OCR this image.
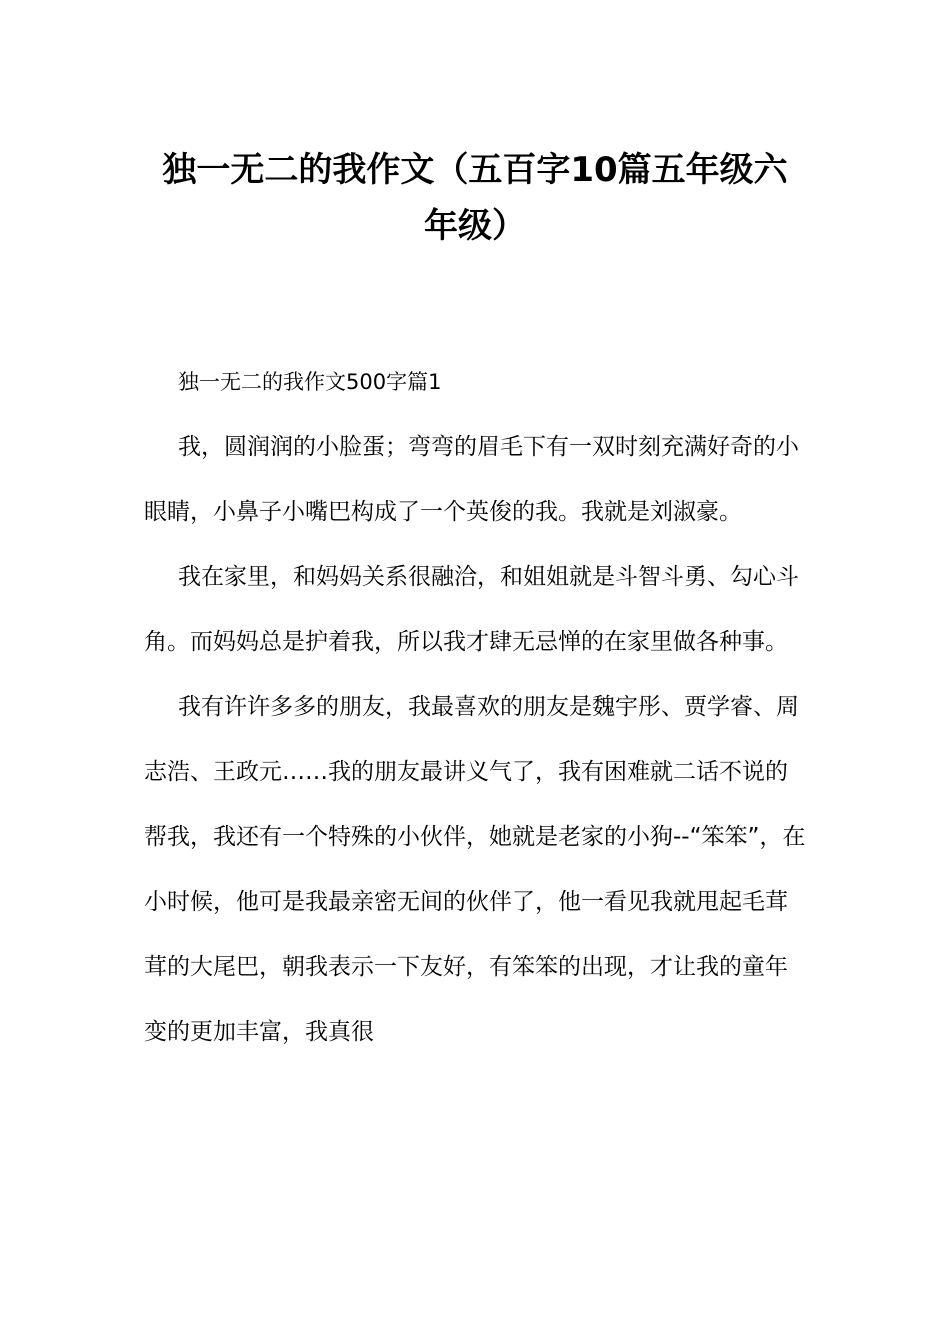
独一无二的我作文（五百字10篇五年级六
年级）

独一无二的我作文500字篇1

我，圆润润的小脸蛋；弯弯的眉毛下有一双时刻充满好奇的小眼睛，小鼻子小嘴巴构成了一个英俊的我。我就是刘淑豪。

我在家里，和妈妈关系很融洽，和姐姐就是斗智斗勇、勾心斗角。而妈妈总是护着我，所以我才肆无忌惮的在家里做各种事。

我有许许多多的朋友，我最喜欢的朋友是魏宇彤、贾学睿、周志浩、王政元……我的朋友最讲义气了，我有困难就二话不说的帮我，我还有一个特殊的小伙伴，她就是老家的小狗--“笨笨”，在小时候，他可是我最亲密无间的伙伴了，他一看见我就甩起毛茸茸的大尾巴，朝我表示一下友好，有笨笨的出现，才让我的童年变的更加丰富，我真很
